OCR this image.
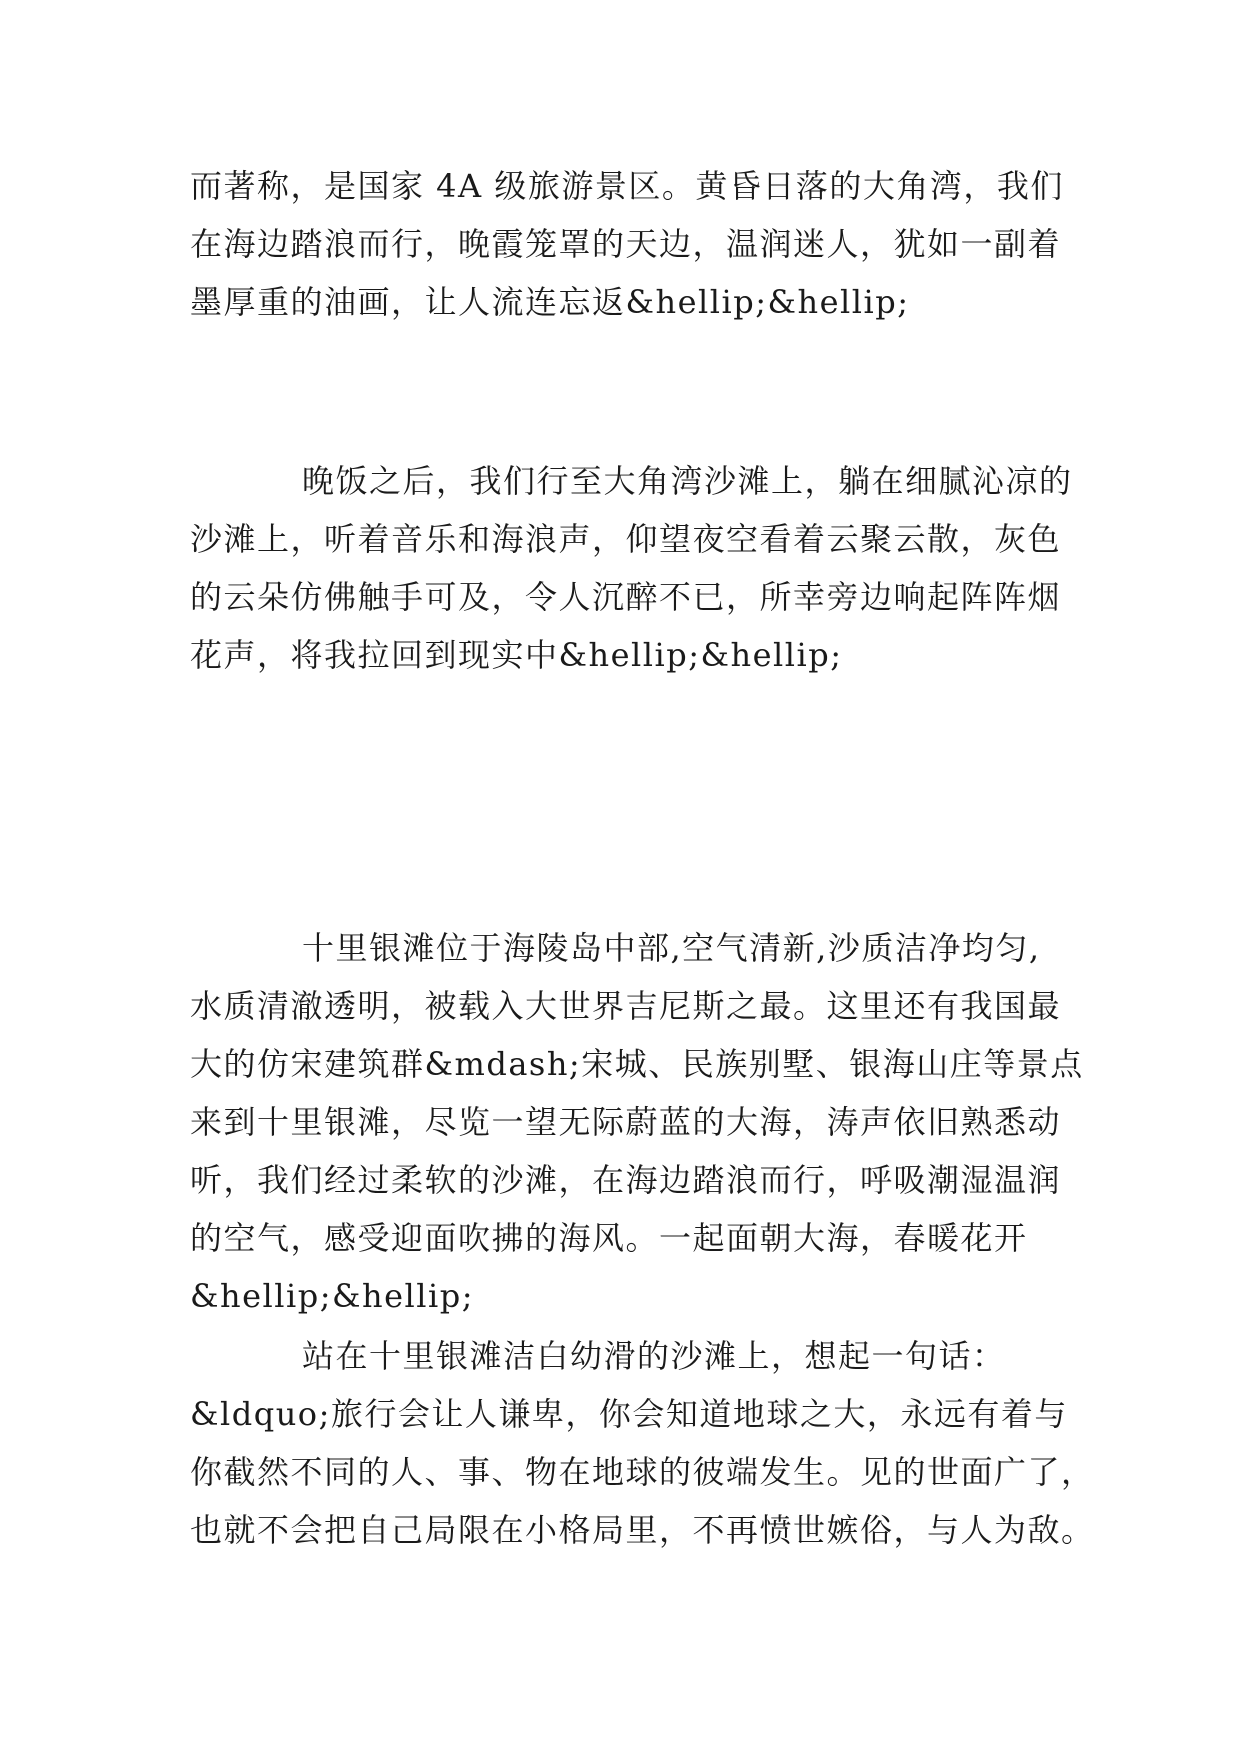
而著称，是国家 4A 级旅游景区。黄昏日落的大角湾，我们
在海边踏浪而行，晚霞笼罩的天边，温润迷人，犹如一副着
墨厚重的油画，让人流连忘返&hellip;&hellip;
晚饭之后，我们行至大角湾沙滩上，躺在细腻沁凉的
沙滩上，听着音乐和海浪声，仰望夜空看着云聚云散，灰色
的云朵仿佛触手可及，令人沉醉不已，所幸旁边响起阵阵烟
花声，将我拉回到现实中&hellip;&hellip;
十里银滩位于海陵岛中部,空气清新,沙质洁净均匀,
水质清澈透明，被载入大世界吉尼斯之最。这里还有我国最
大的仿宋建筑群&mdash;宋城、民族别墅、银海山庄等景点
来到十里银滩，尽览一望无际蔚蓝的大海，涛声依旧熟悉动
听，我们经过柔软的沙滩，在海边踏浪而行，呼吸潮湿温润
的空气，感受迎面吹拂的海风。一起面朝大海，春暖花开
&hellip;&hellip;
站在十里银滩洁白幼滑的沙滩上，想起一句话：
&ldquo;旅行会让人谦卑，你会知道地球之大，永远有着与
你截然不同的人、事、物在地球的彼端发生。见的世面广了，
也就不会把自己局限在小格局里，不再愤世嫉俗，与人为敌。
